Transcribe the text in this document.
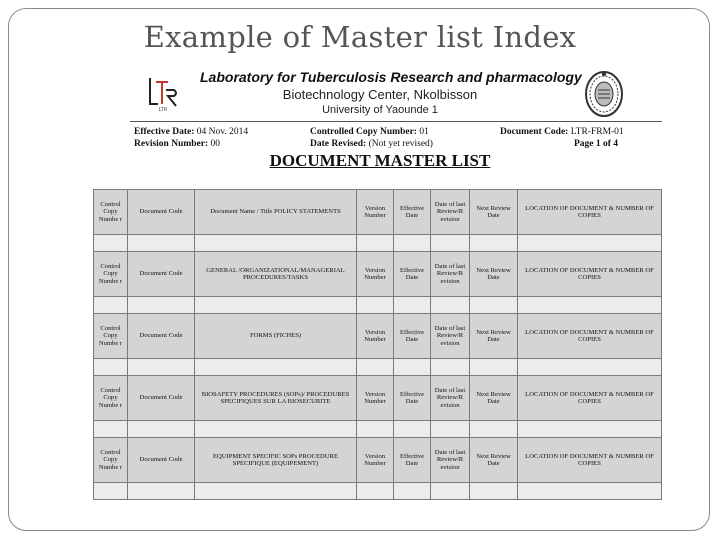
Example of Master list Index
LTR
Laboratory for Tuberculosis Research and pharmacology
Biotechnology Center, Nkolbisson
University of Yaounde 1
Effective Date: 04 Nov. 2014
Revision Number: 00
Controlled Copy Number: 01
Date Revised: (Not yet revised)
Document Code: LTR-FRM-01
Page 1 of 4
DOCUMENT MASTER LIST
Control Copy Numbe r	Document Code	Document Name / Title POLICY STATEMENTS	Version Number	Effective Date	Date of last Review/R evision	Next Review Date	LOCATION OF DOCUMENT & NUMBER OF COPIES

Control Copy Numbe r	Document Code	GENERAL /ORGANIZATIONAL/MANAGERIAL PROCEDURES/TASKS	Version Number	Effective Date	Date of last Review/R evision	Next Review Date	LOCATION OF DOCUMENT & NUMBER OF COPIES

Control Copy Numbe r	Document Code	FORMS (FICHES)	Version Number	Effective Date	Date of last Review/R evision	Next Review Date	LOCATION OF DOCUMENT & NUMBER OF COPIES

Control Copy Numbe r	Document Code	BIOSAFETY PROCEDURES (SOPs)/ PROCEDURES SPECIFIQUES SUR LA BIOSECURITE	Version Number	Effective Date	Date of last Review/R evision	Next Review Date	LOCATION OF DOCUMENT & NUMBER OF COPIES

Control Copy Numbe r	Document Code	EQUIPMENT SPECIFIC SOPs PROCEDURE SPECIFIQUE (EQUIPEMENT)	Version Number	Effective Date	Date of last Review/R evision	Next Review Date	LOCATION OF DOCUMENT & NUMBER OF COPIES
